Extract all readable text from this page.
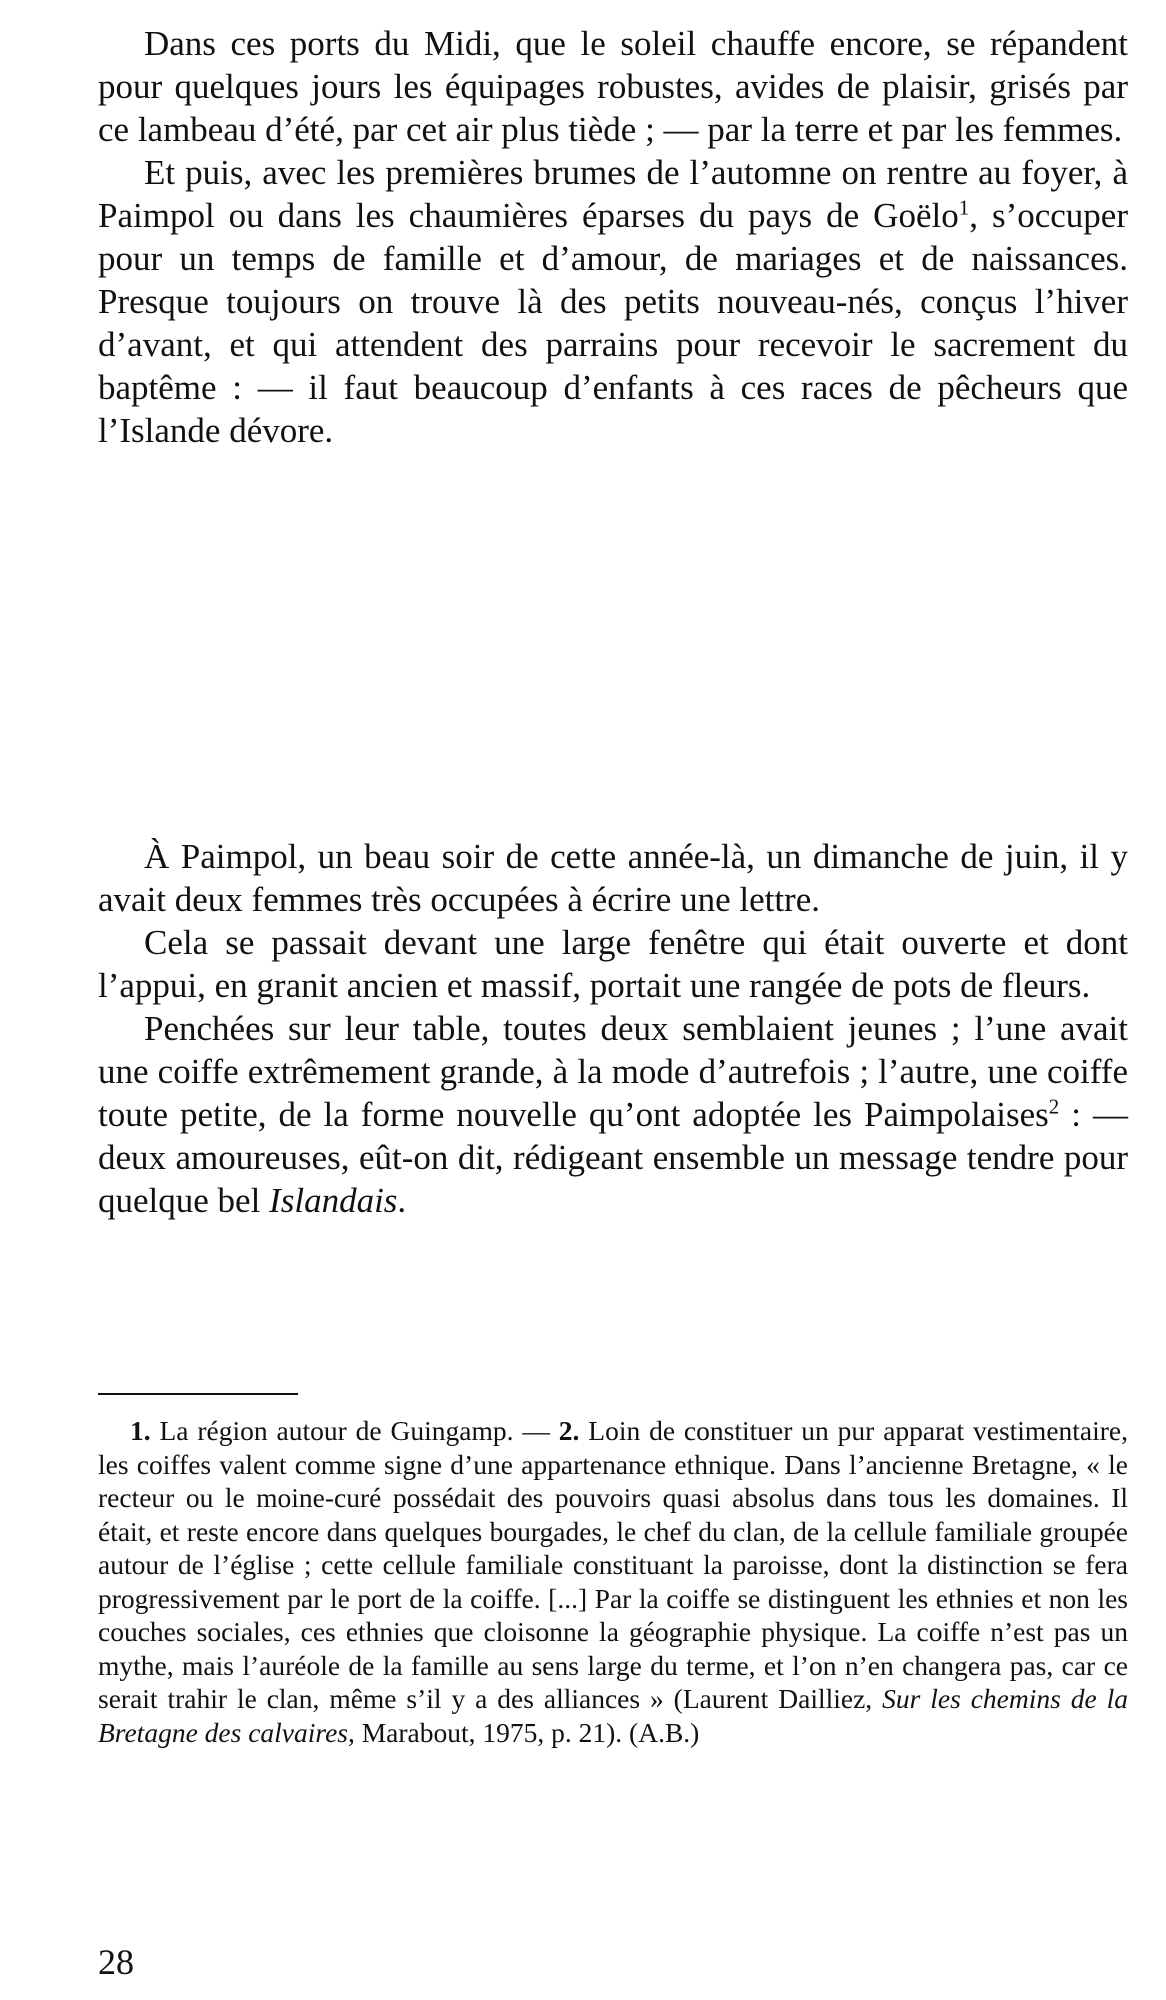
Dans ces ports du Midi, que le soleil chauffe encore, se répandent pour quelques jours les équipages robustes, avides de plaisir, grisés par ce lambeau d’été, par cet air plus tiède ; — par la terre et par les femmes.

Et puis, avec les premières brumes de l’automne on rentre au foyer, à Paimpol ou dans les chaumières éparses du pays de Goëlo$^1$, s’occuper pour un temps de famille et d’amour, de mariages et de naissances. Presque toujours on trouve là des petits nouveau-nés, conçus l’hiver d’avant, et qui attendent des parrains pour recevoir le sacrement du baptême : — il faut beaucoup d’enfants à ces races de pêcheurs que l’Islande dévore.

À Paimpol, un beau soir de cette année-là, un dimanche de juin, il y avait deux femmes très occupées à écrire une lettre.

Cela se passait devant une large fenêtre qui était ouverte et dont l’appui, en granit ancien et massif, portait une rangée de pots de fleurs.

Penchées sur leur table, toutes deux semblaient jeunes ; l’une avait une coiffe extrêmement grande, à la mode d’autrefois ; l’autre, une coiffe toute petite, de la forme nouvelle qu’ont adoptée les Paimpolaises$^2$ : — deux amoureuses, eût-on dit, rédigeant ensemble un message tendre pour quelque bel Islandais.

1. La région autour de Guingamp. — 2. Loin de constituer un pur apparat vestimentaire, les coiffes valent comme signe d’une appartenance ethnique. Dans l’ancienne Bretagne, « le recteur ou le moine-curé possédait des pouvoirs quasi absolus dans tous les domaines. Il était, et reste encore dans quelques bourgades, le chef du clan, de la cellule familiale groupée autour de l’église ; cette cellule familiale constituant la paroisse, dont la distinction se fera progressivement par le port de la coiffe. [...] Par la coiffe se distinguent les ethnies et non les couches sociales, ces ethnies que cloisonne la géographie physique. La coiffe n’est pas un mythe, mais l’auréole de la famille au sens large du terme, et l’on n’en changera pas, car ce serait trahir le clan, même s’il y a des alliances » (Laurent Dailliez, Sur les chemins de la Bretagne des calvaires, Marabout, 1975, p. 21). (A.B.)

28
